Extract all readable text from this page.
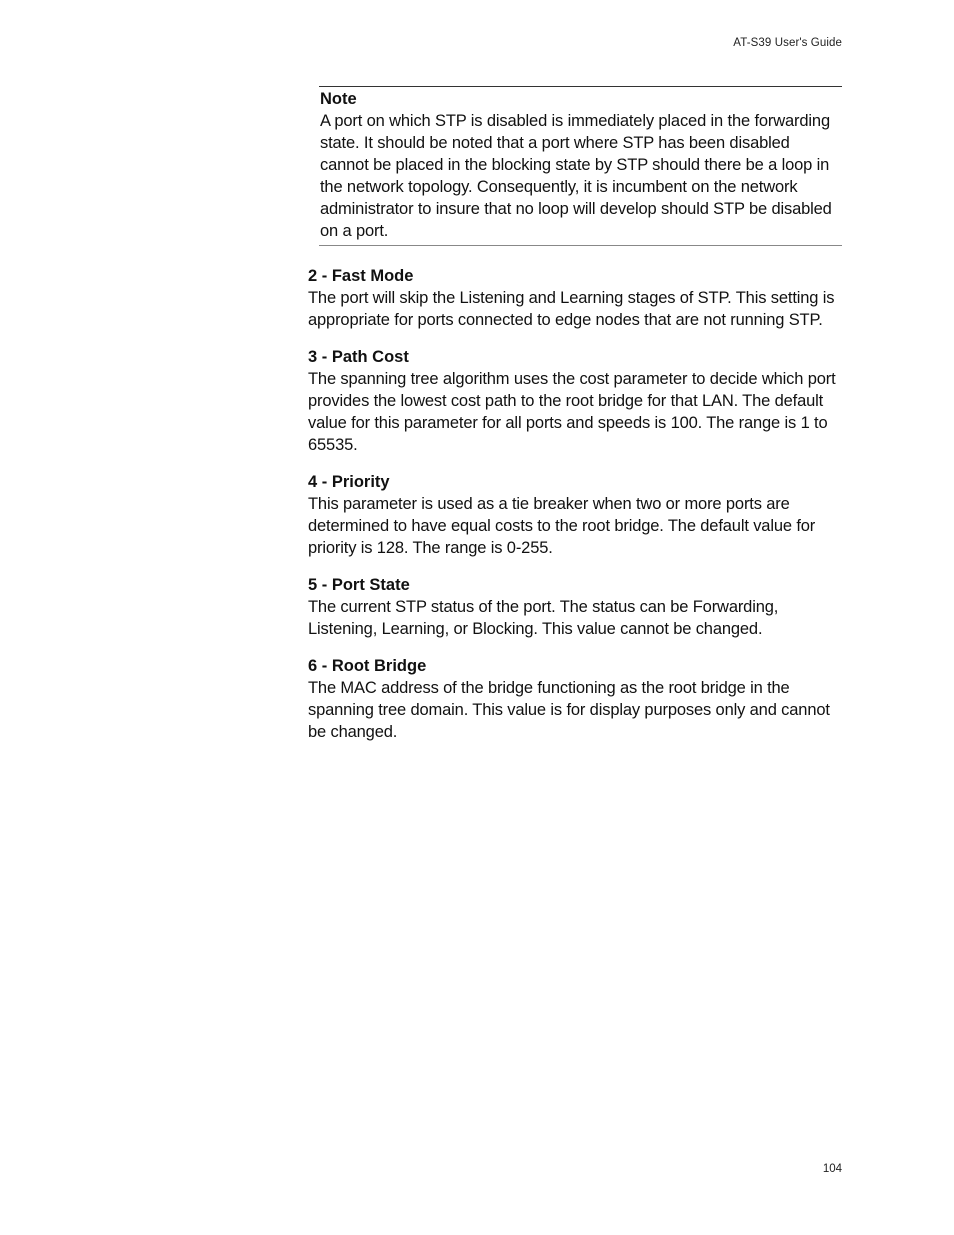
AT-S39 User's Guide
Note
A port on which STP is disabled is immediately placed in the forwarding state. It should be noted that a port where STP has been disabled cannot be placed in the blocking state by STP should there be a loop in the network topology. Consequently, it is incumbent on the network administrator to insure that no loop will develop should STP be disabled on a port.
2 - Fast Mode
The port will skip the Listening and Learning stages of STP. This setting is appropriate for ports connected to edge nodes that are not running STP.
3 - Path Cost
The spanning tree algorithm uses the cost parameter to decide which port provides the lowest cost path to the root bridge for that LAN. The default value for this parameter for all ports and speeds is 100. The range is 1 to 65535.
4 - Priority
This parameter is used as a tie breaker when two or more ports are determined to have equal costs to the root bridge. The default value for priority is 128. The range is 0-255.
5 - Port State
The current STP status of the port. The status can be Forwarding, Listening, Learning, or Blocking. This value cannot be changed.
6 - Root Bridge
The MAC address of the bridge functioning as the root bridge in the spanning tree domain. This value is for display purposes only and cannot be changed.
104
